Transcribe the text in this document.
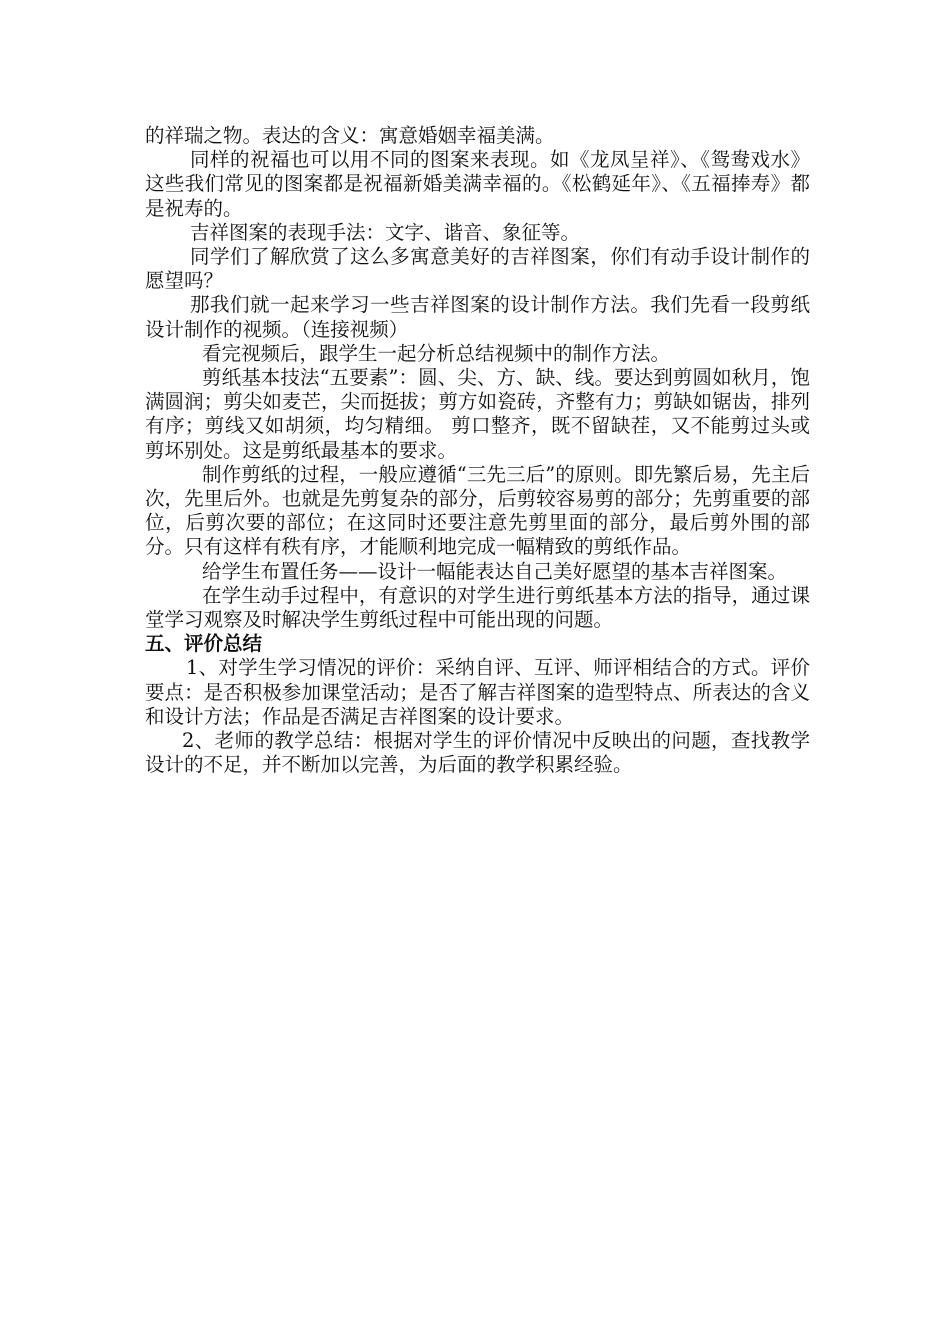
的祥瑞之物。表达的含义：寓意婚姻幸福美满。

同样的祝福也可以用不同的图案来表现。如《龙凤呈祥》、《鸳鸯戏水》这些我们常见的图案都是祝福新婚美满幸福的。《松鹤延年》、《五福捧寿》都是祝寿的。

吉祥图案的表现手法：文字、谐音、象征等。

同学们了解欣赏了这么多寓意美好的吉祥图案，你们有动手设计制作的愿望吗？

那我们就一起来学习一些吉祥图案的设计制作方法。我们先看一段剪纸设计制作的视频。（连接视频）

看完视频后，跟学生一起分析总结视频中的制作方法。

剪纸基本技法“五要素”：圆、尖、方、缺、线。要达到剪圆如秋月，饱满圆润；剪尖如麦芒，尖而挺拔；剪方如瓷砖，齐整有力；剪缺如锯齿，排列有序；剪线又如胡须，均匀精细。 剪口整齐，既不留缺茬，又不能剪过头或剪坏别处。这是剪纸最基本的要求。

制作剪纸的过程，一般应遵循“三先三后”的原则。即先繁后易，先主后次，先里后外。也就是先剪复杂的部分，后剪较容易剪的部分；先剪重要的部位，后剪次要的部位；在这同时还要注意先剪里面的部分，最后剪外围的部分。只有这样有秩有序，才能顺利地完成一幅精致的剪纸作品。

给学生布置任务——设计一幅能表达自己美好愿望的基本吉祥图案。

在学生动手过程中，有意识的对学生进行剪纸基本方法的指导，通过课堂学习观察及时解决学生剪纸过程中可能出现的问题。

五、评价总结

1、对学生学习情况的评价：采纳自评、互评、师评相结合的方式。评价要点：是否积极参加课堂活动；是否了解吉祥图案的造型特点、所表达的含义和设计方法；作品是否满足吉祥图案的设计要求。

2、老师的教学总结：根据对学生的评价情况中反映出的问题，查找教学设计的不足，并不断加以完善，为后面的教学积累经验。
